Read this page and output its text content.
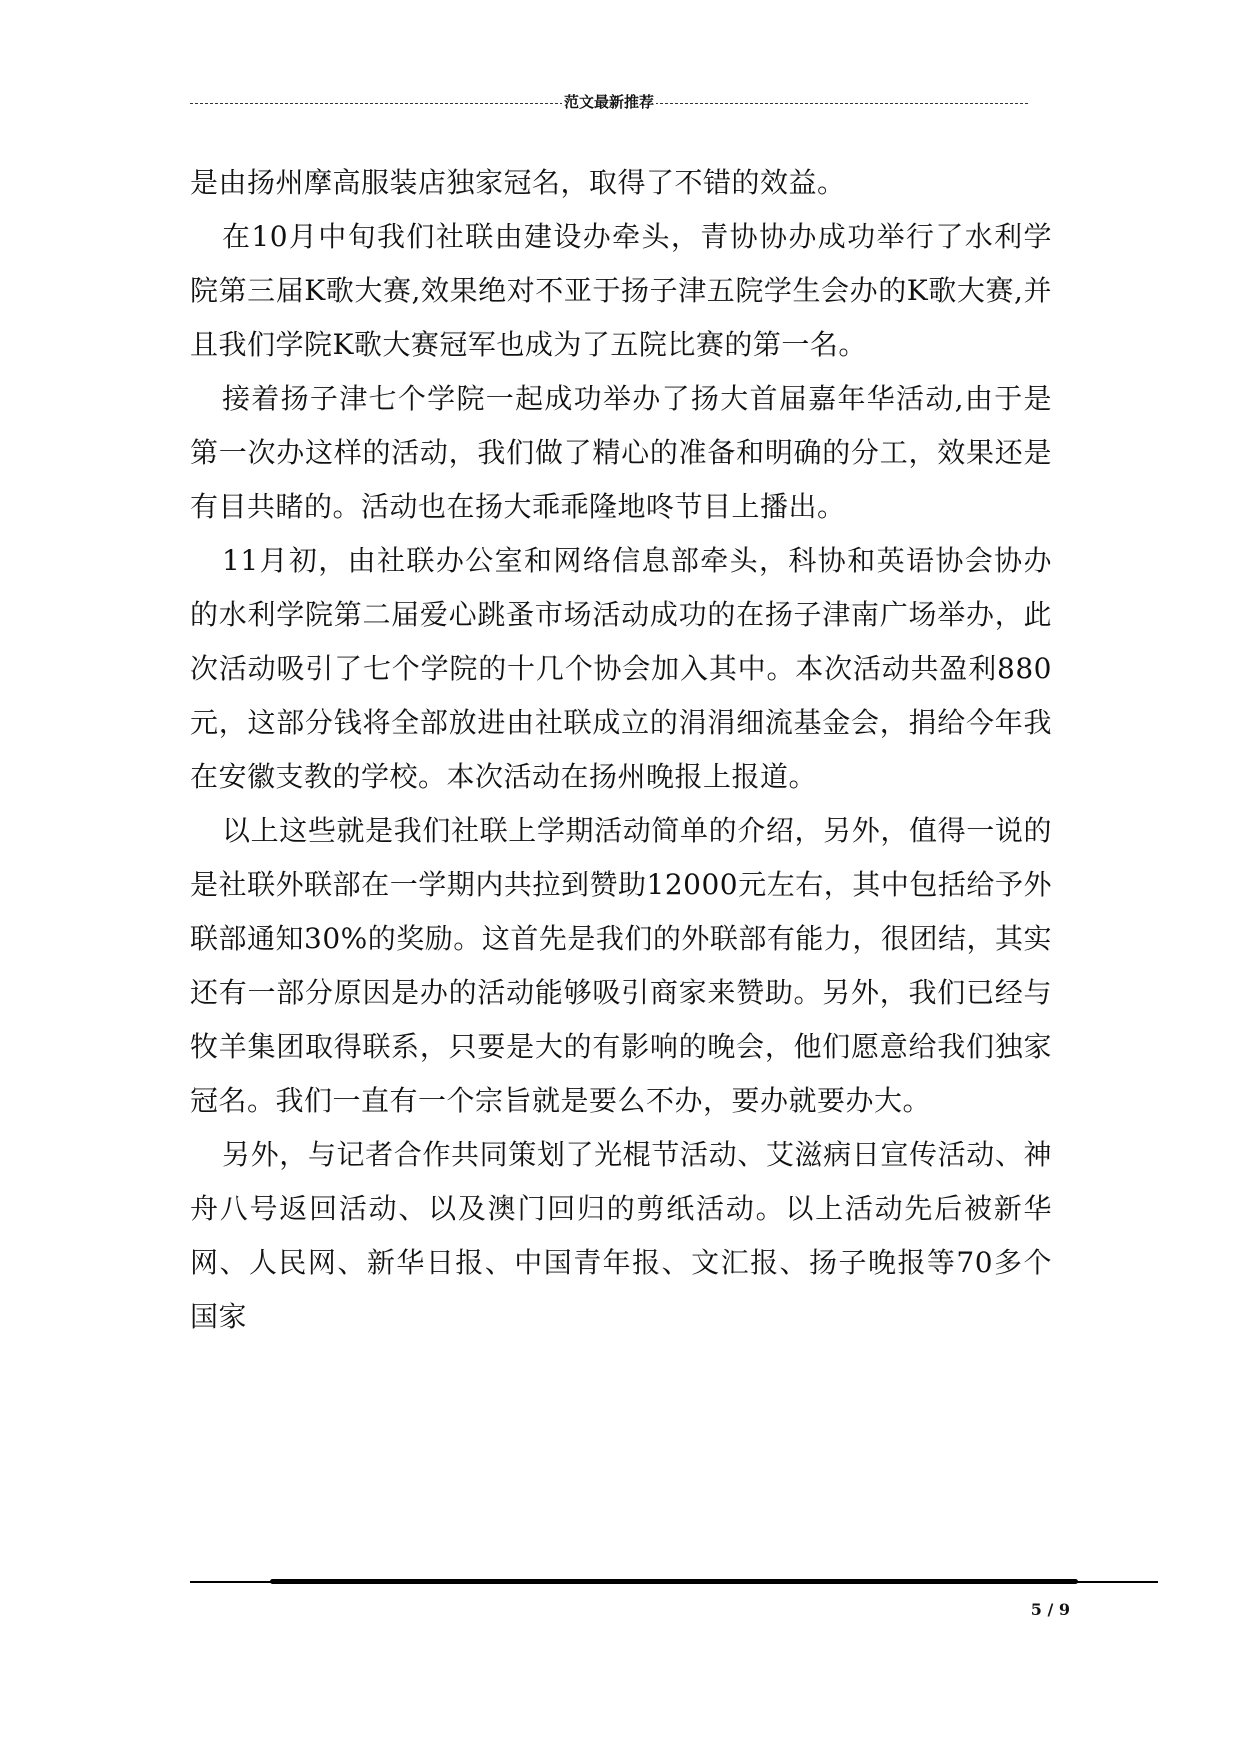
范文最新推荐

是由扬州摩高服装店独家冠名，取得了不错的效益。

在10月中旬我们社联由建设办牵头，青协协办成功举行了水利学院第三届K歌大赛,效果绝对不亚于扬子津五院学生会办的K歌大赛,并且我们学院K歌大赛冠军也成为了五院比赛的第一名。

接着扬子津七个学院一起成功举办了扬大首届嘉年华活动,由于是第一次办这样的活动，我们做了精心的准备和明确的分工，效果还是有目共睹的。活动也在扬大乖乖隆地咚节目上播出。

11月初，由社联办公室和网络信息部牵头，科协和英语协会协办的水利学院第二届爱心跳蚤市场活动成功的在扬子津南广场举办，此次活动吸引了七个学院的十几个协会加入其中。本次活动共盈利880元，这部分钱将全部放进由社联成立的涓涓细流基金会，捐给今年我在安徽支教的学校。本次活动在扬州晚报上报道。

以上这些就是我们社联上学期活动简单的介绍，另外，值得一说的是社联外联部在一学期内共拉到赞助12000元左右，其中包括给予外联部通知30%的奖励。这首先是我们的外联部有能力，很团结，其实还有一部分原因是办的活动能够吸引商家来赞助。另外，我们已经与牧羊集团取得联系，只要是大的有影响的晚会，他们愿意给我们独家冠名。我们一直有一个宗旨就是要么不办，要办就要办大。

另外，与记者合作共同策划了光棍节活动、艾滋病日宣传活动、神舟八号返回活动、以及澳门回归的剪纸活动。以上活动先后被新华网、人民网、新华日报、中国青年报、文汇报、扬子晚报等70多个国家

5 / 9
